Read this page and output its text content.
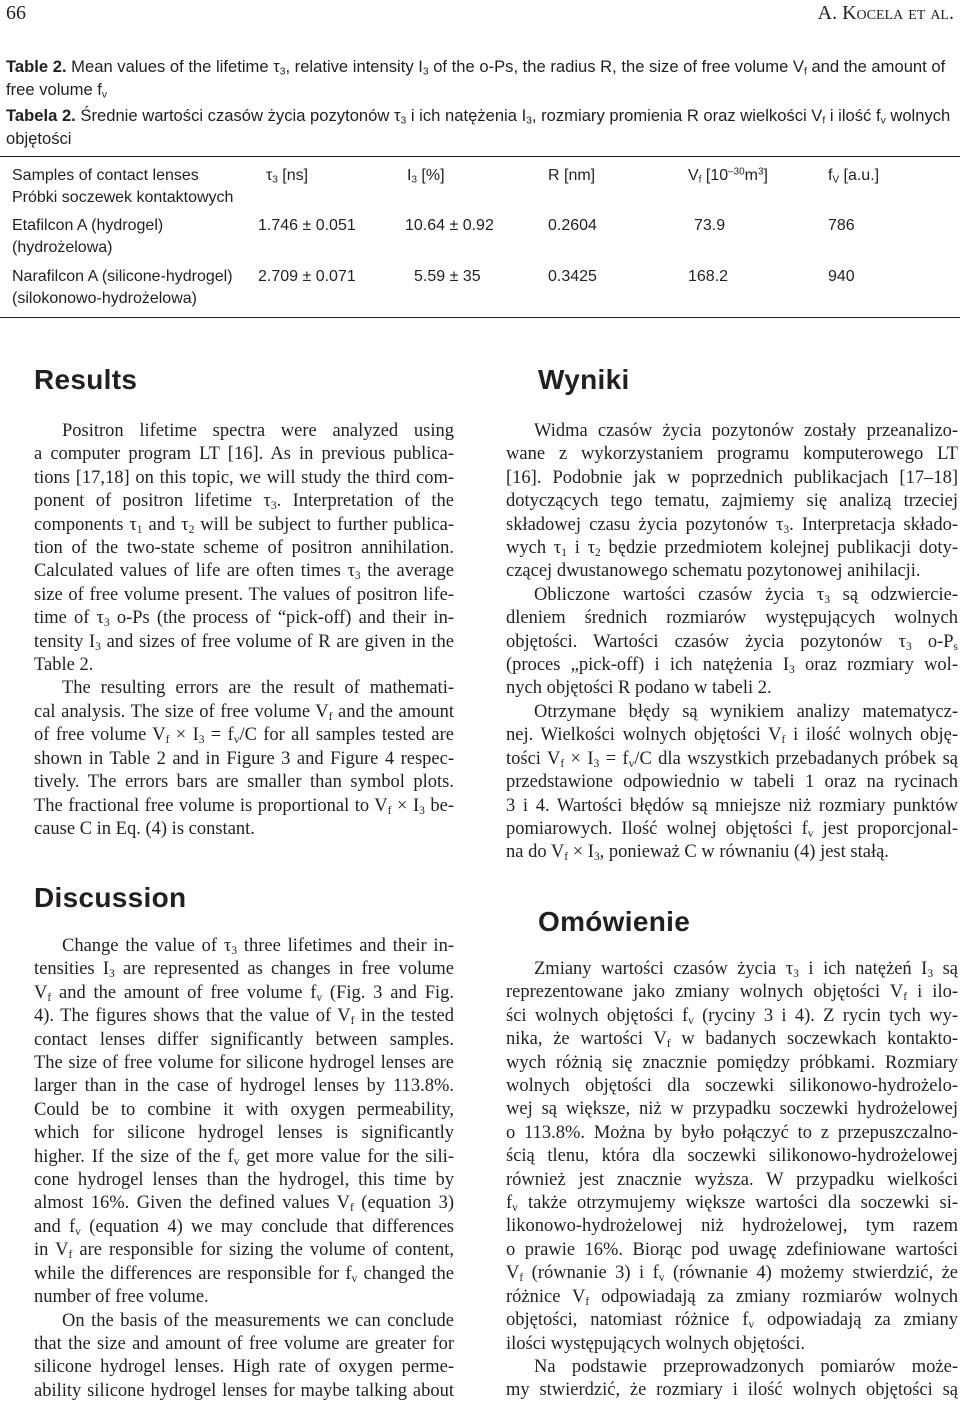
66	A. Kocela et al.
Table 2. Mean values of the lifetime $\tau_3$, relative intensity $I_3$ of the o-Ps, the radius R, the size of free volume $V_f$ and the amount of free volume $f_v$
Tabela 2. Średnie wartości czasów życia pozytonów $\tau_3$ i ich natężenia $I_3$, rozmiary promienia R oraz wielkości $V_f$ i ilość $f_v$ wolnych objętości
Samples of contact lenses
Próbki soczewek kontaktowych
$\tau_3$ [ns]	$I_3$ [%]	R [nm]	$V_f$ $[10^{-30}m^3]$	$f_V$ [a.u.]
Etafilcon A (hydrogel)
(hydrożelowa)
1.746 ± 0.051	10.64 ± 0.92	0.2604	73.9	786
Narafilcon A (silicone-hydrogel)
(silokonowo-hydrożelowa)
2.709 ± 0.071	5.59 ± 35	0.3425	168.2	940
Results
Positron lifetime spectra were analyzed using
a computer program LT [16]. As in previous publica-
tions [17,18] on this topic, we will study the third com-
ponent of positron lifetime $\tau_3$. Interpretation of the
components $\tau_1$ and $\tau_2$ will be subject to further publica-
tion of the two-state scheme of positron annihilation.
Calculated values of life are often times $\tau_3$ the average
size of free volume present. The values of positron life-
time of $\tau_3$ o-Ps (the process of “pick-off) and their in-
tensity $I_3$ and sizes of free volume of R are given in the
Table 2.
The resulting errors are the result of mathemati-
cal analysis. The size of free volume $V_f$ and the amount
of free volume $V_f \times I_3 = f_v/C$ for all samples tested are
shown in Table 2 and in Figure 3 and Figure 4 respec-
tively. The errors bars are smaller than symbol plots.
The fractional free volume is proportional to $V_f \times I_3$ be-
cause C in Eq. (4) is constant.
Discussion
Change the value of $\tau_3$ three lifetimes and their in-
tensities $I_3$ are represented as changes in free volume
$V_f$ and the amount of free volume $f_v$ (Fig. 3 and Fig.
4). The figures shows that the value of $V_f$ in the tested
contact lenses differ significantly between samples.
The size of free volume for silicone hydrogel lenses are
larger than in the case of hydrogel lenses by 113.8%.
Could be to combine it with oxygen permeability,
which for silicone hydrogel lenses is significantly
higher. If the size of the $f_v$ get more value for the sili-
cone hydrogel lenses than the hydrogel, this time by
almost 16%. Given the defined values $V_f$ (equation 3)
and $f_v$ (equation 4) we may conclude that differences
in $V_f$ are responsible for sizing the volume of content,
while the differences are responsible for $f_v$ changed the
number of free volume.
On the basis of the measurements we can conclude
that the size and amount of free volume are greater for
silicone hydrogel lenses. High rate of oxygen perme-
ability silicone hydrogel lenses for maybe talking about
Wyniki
Widma czasów życia pozytonów zostały przeanalizo-
wane z wykorzystaniem programu komputerowego LT
[16]. Podobnie jak w poprzednich publikacjach [17–18]
dotyczących tego tematu, zajmiemy się analizą trzeciej
składowej czasu życia pozytonów $\tau_3$. Interpretacja składo-
wych $\tau_1$ i $\tau_2$ będzie przedmiotem kolejnej publikacji doty-
czącej dwustanowego schematu pozytonowej anihilacji.
Obliczone wartości czasów życia $\tau_3$ są odzwiercie-
dleniem średnich rozmiarów występujących wolnych
objętości. Wartości czasów życia pozytonów $\tau_3$ $o-P_s$
(proces „pick-off) i ich natężenia $I_3$ oraz rozmiary wol-
nych objętości R podano w tabeli 2.
Otrzymane błędy są wynikiem analizy matematycz-
nej. Wielkości wolnych objętości $V_f$ i ilość wolnych obję-
tości $V_f \times I_3 = f_v/C$ dla wszystkich przebadanych próbek są
przedstawione odpowiednio w tabeli 1 oraz na rycinach
3 i 4. Wartości błędów są mniejsze niż rozmiary punktów
pomiarowych. Ilość wolnej objętości $f_v$ jest proporcjonal-
na do $V_f \times I_3$, ponieważ C w równaniu (4) jest stałą.
Omówienie
Zmiany wartości czasów życia $\tau_3$ i ich natężeń $I_3$ są
reprezentowane jako zmiany wolnych objętości $V_f$ i ilo-
ści wolnych objętości $f_v$ (ryciny 3 i 4). Z rycin tych wy-
nika, że wartości $V_f$ w badanych soczewkach kontakto-
wych różnią się znacznie pomiędzy próbkami. Rozmiary
wolnych objętości dla soczewki silikonowo-hydrożelo-
wej są większe, niż w przypadku soczewki hydrożelowej
o 113.8%. Można by było połączyć to z przepuszczalno-
ścią tlenu, która dla soczewki silikonowo-hydrożelowej
również jest znacznie wyższa. W przypadku wielkości
$f_v$ także otrzymujemy większe wartości dla soczewki si-
likonowo-hydrożelowej niż hydrożelowej, tym razem
o prawie 16%. Biorąc pod uwagę zdefiniowane wartości
$V_f$ (równanie 3) i $f_v$ (równanie 4) możemy stwierdzić, że
różnice $V_f$ odpowiadają za zmiany rozmiarów wolnych
objętości, natomiast różnice $f_v$ odpowiadają za zmiany
ilości występujących wolnych objętości.
Na podstawie przeprowadzonych pomiarów może-
my stwierdzić, że rozmiary i ilość wolnych objętości są
